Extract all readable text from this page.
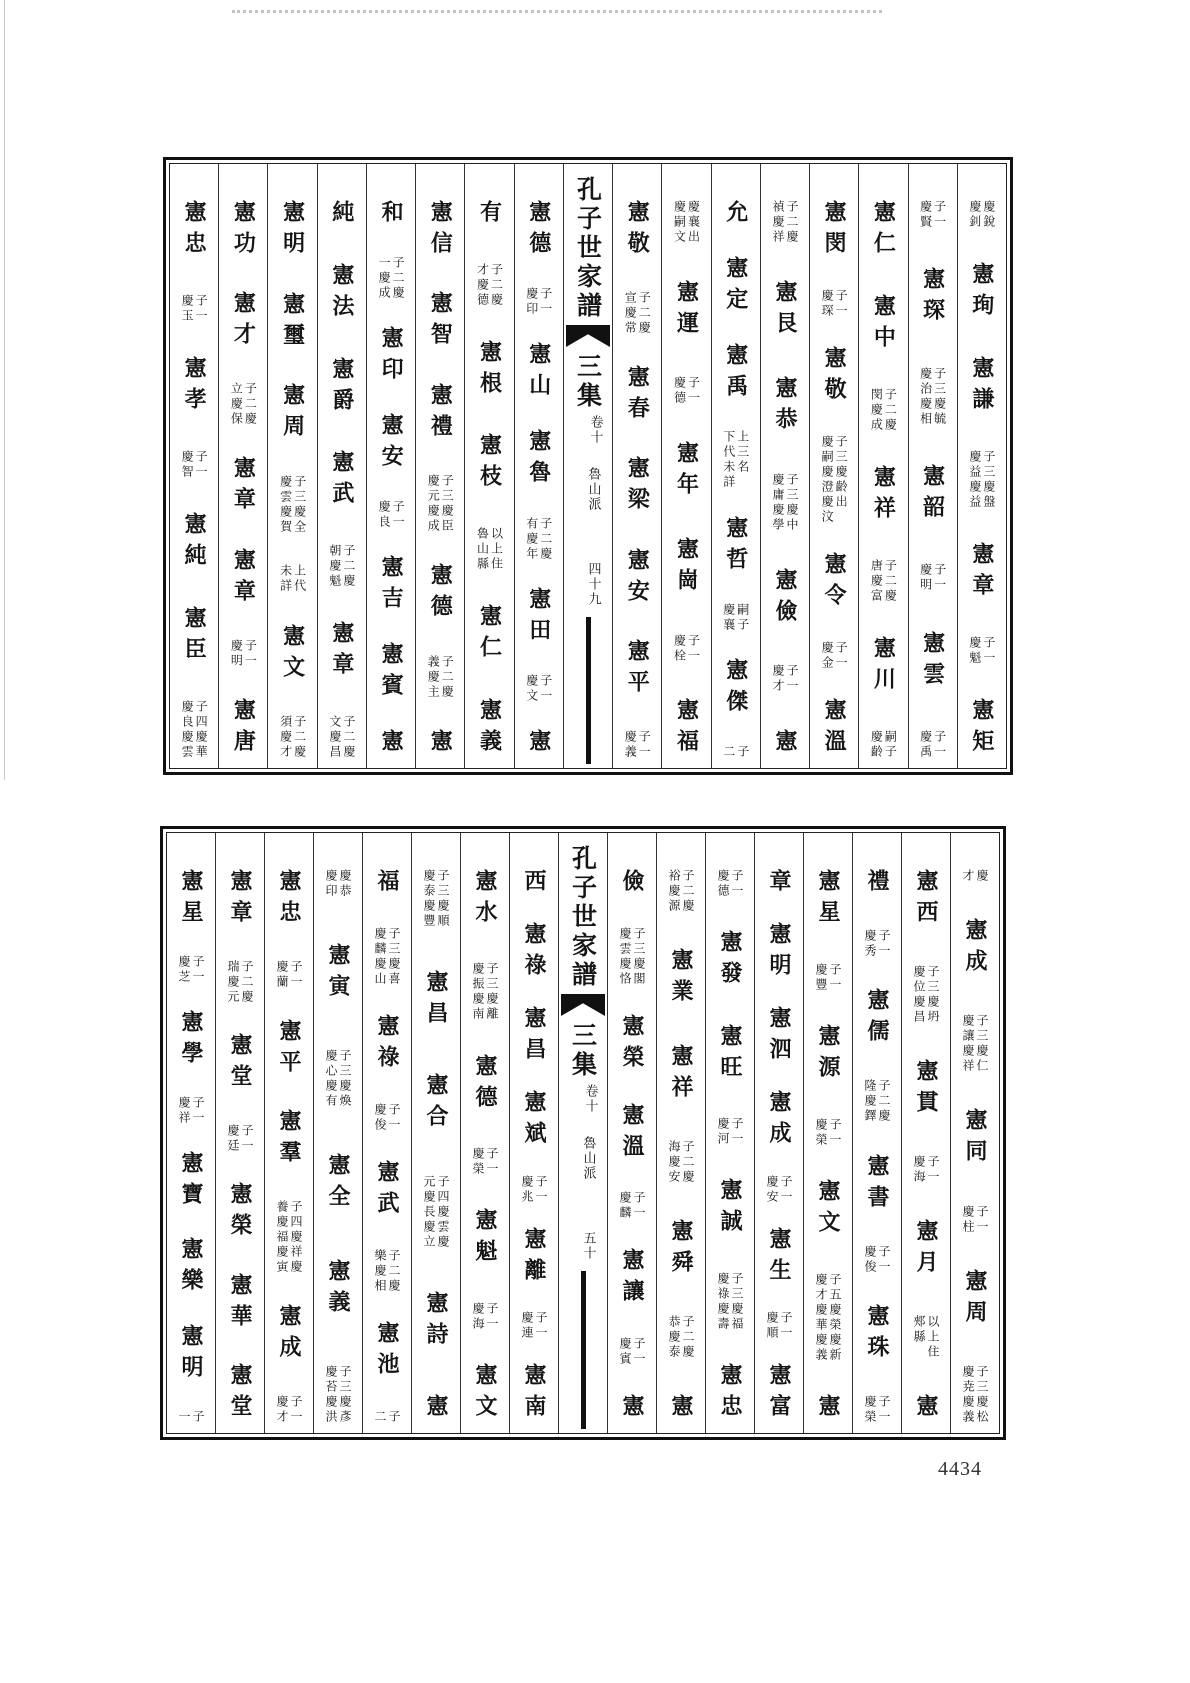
慶銳
慶釗
憲珣
憲謙
子三慶盤
慶益慶益
憲章
子一
慶魁
憲矩
子一
慶賢
憲琛
子三慶毓
慶治慶相
憲韶
子一
慶明
憲雲
子一
慶禹
憲仁
憲中
子二慶
閔慶成
憲祥
子二慶
唐慶富
憲川
嗣子
慶齡
憲閔
子一
慶琛
憲敬
子三慶齡出
慶嗣慶澄慶汶
憲令
子一
慶金
憲溫
子二慶
禎慶祥
憲艮
憲恭
子三慶中
慶庸慶學
憲儉
子一
慶才
憲
允
憲定
憲禹
上三名
下代未詳
憲哲
嗣子
慶襄
憲傑
子
二
慶襄出
慶嗣文
憲運
子一
慶德
憲年
憲崗
子一
慶栓
憲福
憲敬
子二慶
宣慶常
憲春
憲梁
憲安
憲平
子一
慶義
孔子世家譜
三集
卷十
魯山派
四十九
憲德
子一
慶印
憲山
憲魯
子二慶
有慶年
憲田
子一
慶文
憲
有
子二慶
才慶德
憲根
憲枝
以上住
魯山縣
憲仁
憲義
憲信
憲智
憲禮
子三慶臣
慶元慶成
憲德
子二慶
義慶主
憲
和
子二慶
一慶成
憲印
憲安
子一
慶良
憲吉
憲賓
憲
純
憲法
憲爵
憲武
子二慶
朝慶魁
憲章
子二慶
文慶昌
憲明
憲璽
憲周
子三慶全
慶雲慶賀
上代
未詳
憲文
子二慶
須慶才
憲功
憲才
子二慶
立慶保
憲章
憲章
子一
慶明
憲唐
憲忠
子一
慶玉
憲孝
子一
慶智
憲純
憲臣
子四慶華
慶良慶雲
慶
才
憲成
子三慶仁
慶讓慶祥
憲同
子一
慶柱
憲周
子三慶松
慶尭慶義
憲西
子三慶坍
慶位慶昌
憲貫
子一
慶海
憲月
以上住
郟縣
憲
禮
子一
慶秀
憲儒
子二慶
隆慶鐸
憲書
子一
慶俊
憲珠
子一
慶榮
憲星
子一
慶豐
憲源
子一
慶榮
憲文
子五慶榮慶新
慶才慶華慶義
憲
章
憲明
憲泗
憲成
子一
慶安
憲生
子一
慶順
憲富
子一
慶德
憲發
憲旺
子一
慶河
憲誠
子三慶福
慶祿慶壽
憲忠
子二慶
裕慶源
憲業
憲祥
子二慶
海慶安
憲舜
子二慶
恭慶泰
憲
儉
子三慶閣
慶雲慶恪
憲榮
憲溫
子一
慶麟
憲讓
子一
慶賓
憲
孔子世家譜
三集
卷十
魯山派
五十
西
憲祿
憲昌
憲斌
子一
慶兆
憲離
子一
慶連
憲南
憲水
子三慶離
慶振慶南
憲德
子一
慶榮
憲魁
子一
慶海
憲文
子三慶順
慶泰慶豐
憲昌
憲合
子四慶雲慶
元慶長慶立
憲詩
憲
福
子三慶喜
慶麟慶山
憲祿
子一
慶俊
憲武
子二慶
樂慶相
憲池
子
二
慶恭
慶印
憲寅
子三慶煥
慶心慶有
憲全
憲義
子三慶彥
慶苔慶洪
憲忠
子一
慶蘭
憲平
憲羣
子四慶祥慶
養慶福慶寅
憲成
子一
慶才
憲章
子二慶
瑞慶元
憲堂
子一
慶廷
憲榮
憲華
憲堂
憲星
子一
慶芝
憲學
子一
慶祥
憲寶
憲樂
憲明
子
一
4434
